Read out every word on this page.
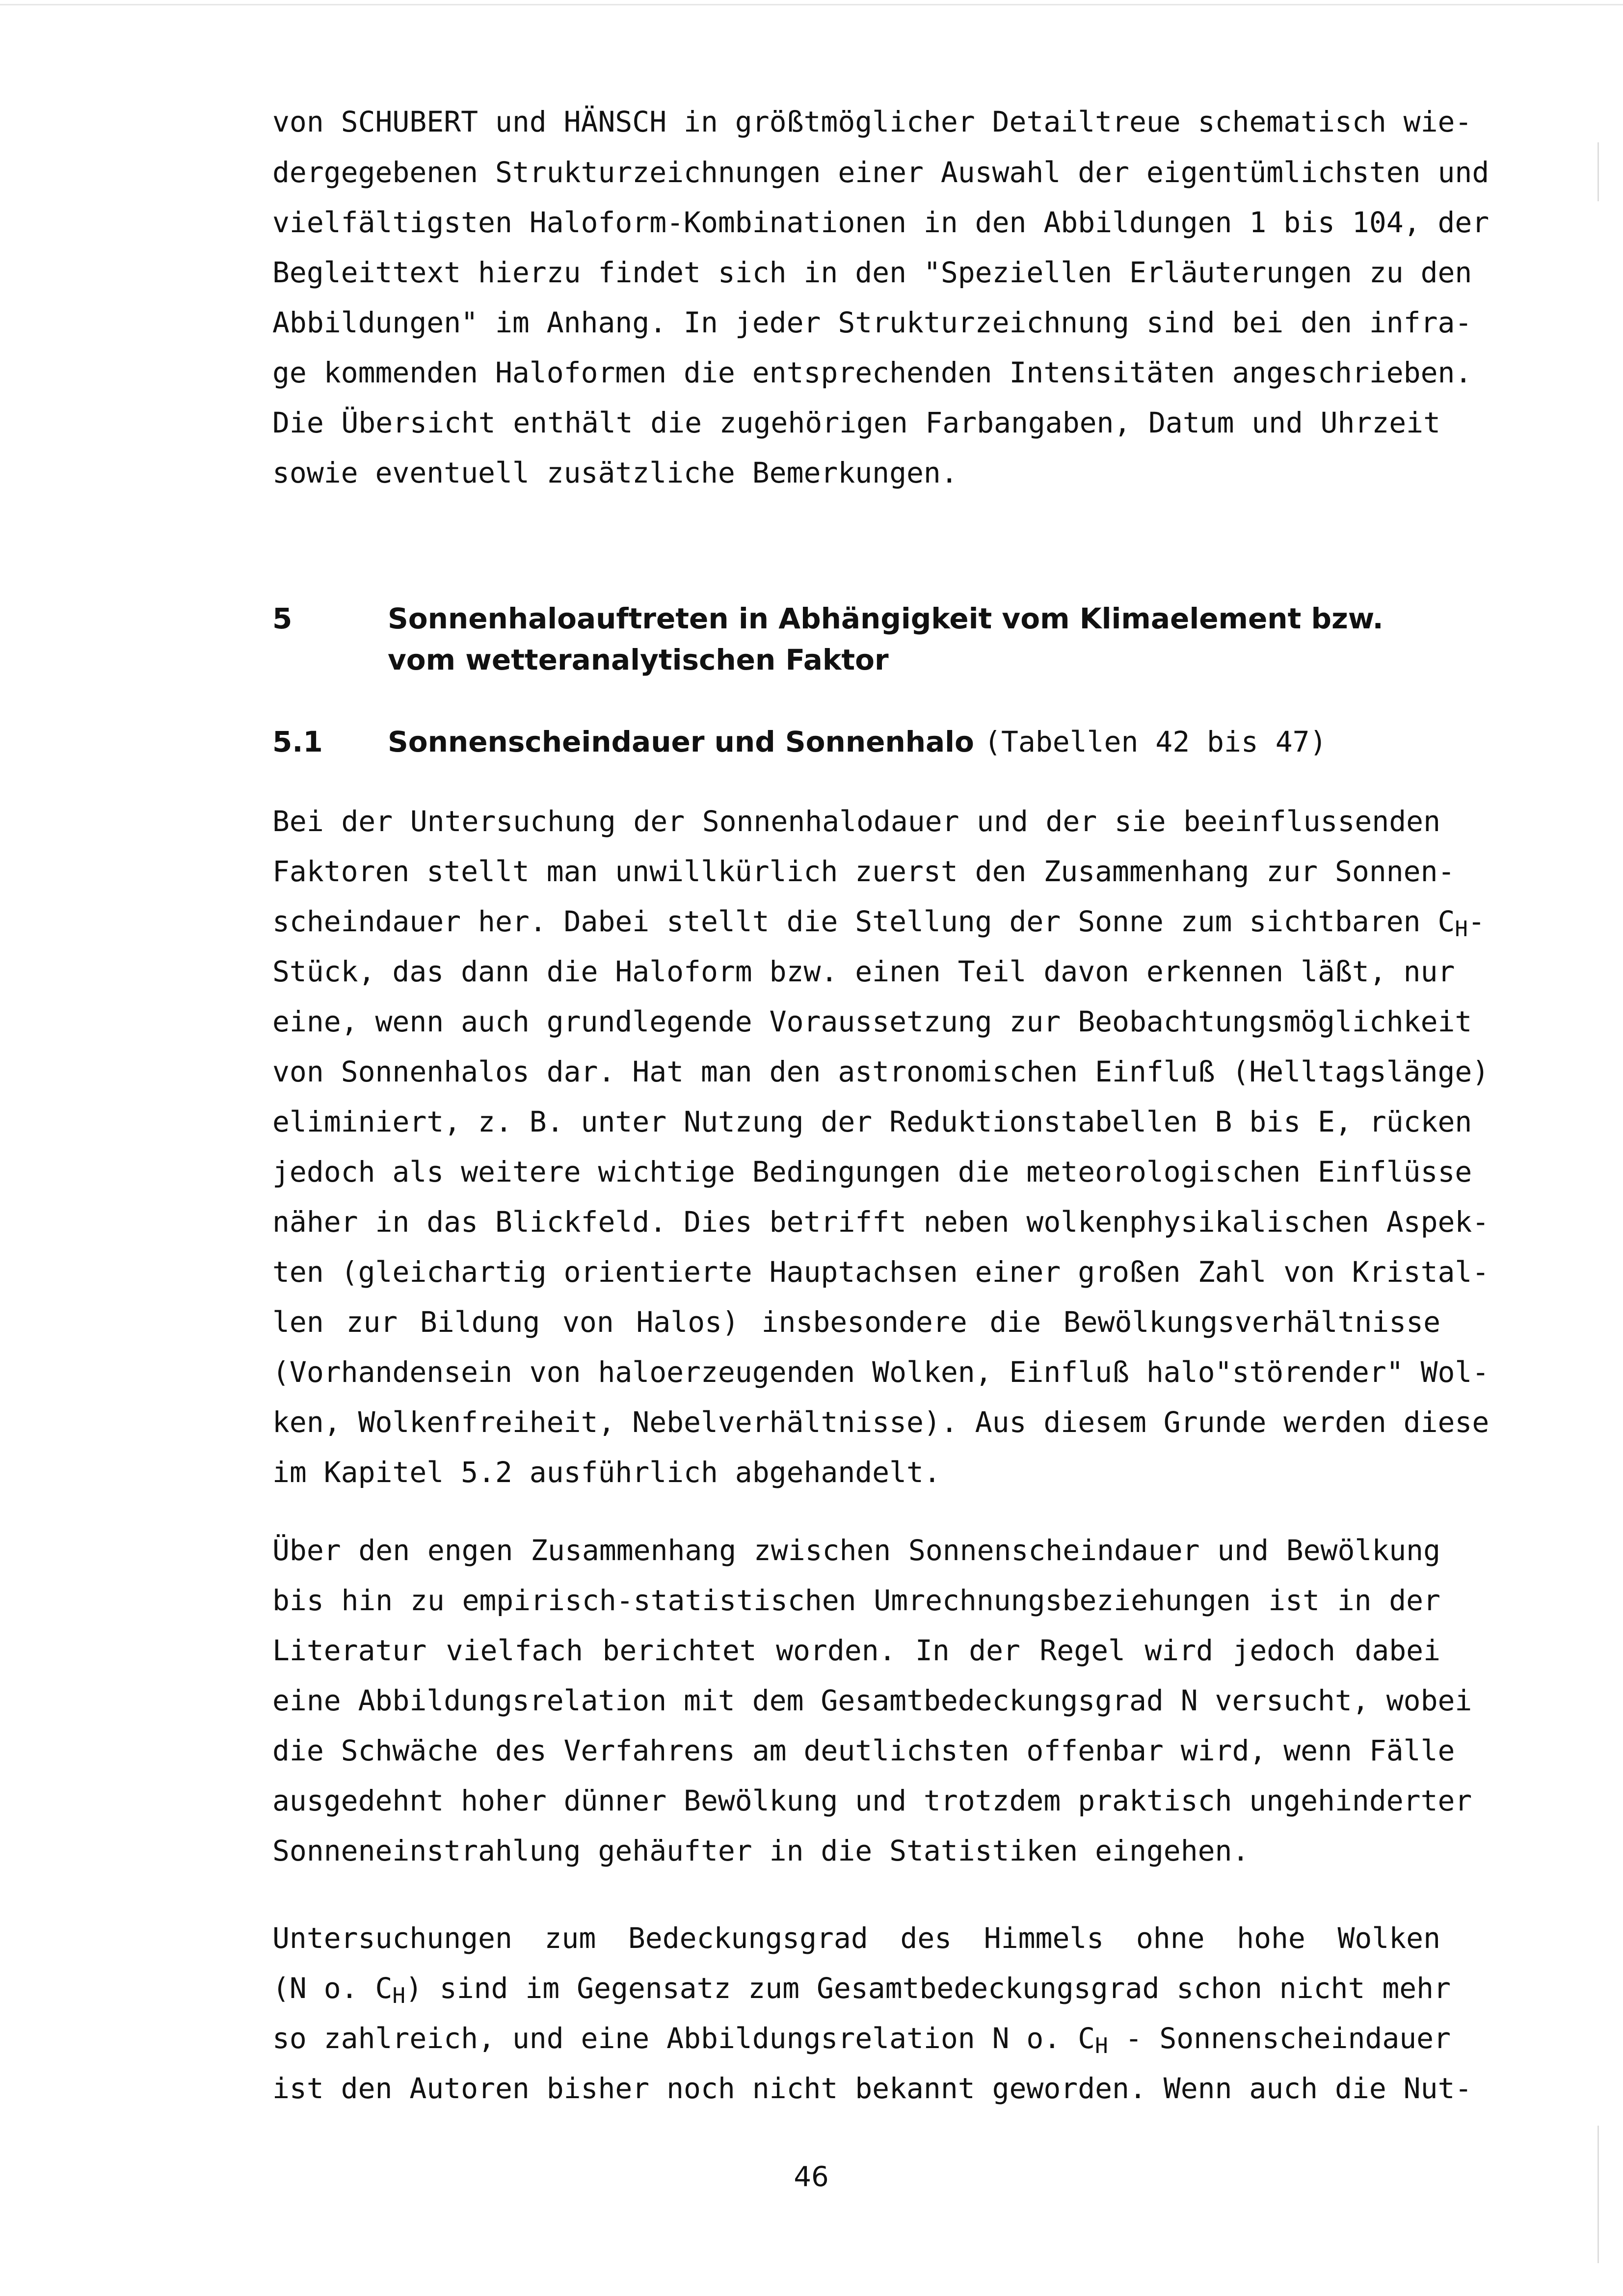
von SCHUBERT und HÄNSCH in größtmöglicher Detailtreue schematisch wie-
dergegebenen Strukturzeichnungen einer Auswahl der eigentümlichsten und
vielfältigsten Haloform-Kombinationen in den Abbildungen 1 bis 104, der
Begleittext hierzu findet sich in den "Speziellen Erläuterungen zu den
Abbildungen" im Anhang. In jeder Strukturzeichnung sind bei den infra-
ge kommenden Haloformen die entsprechenden Intensitäten angeschrieben.
Die Übersicht enthält die zugehörigen Farbangaben, Datum und Uhrzeit
sowie eventuell zusätzliche Bemerkungen.
5	Sonnenhaloauftreten in Abhängigkeit vom Klimaelement bzw.
vom wetteranalytischen Faktor
5.1 Sonnenscheindauer und Sonnenhalo (Tabellen 42 bis 47)
Bei der Untersuchung der Sonnenhalodauer und der sie beeinflussenden
Faktoren stellt man unwillkürlich zuerst den Zusammenhang zur Sonnen-
scheindauer her. Dabei stellt die Stellung der Sonne zum sichtbaren $C_H-$
Stück, das dann die Haloform bzw. einen Teil davon erkennen läßt, nur
eine, wenn auch grundlegende Voraussetzung zur Beobachtungsmöglichkeit
von Sonnenhalos dar. Hat man den astronomischen Einfluß (Helltagslänge)
eliminiert, z. B. unter Nutzung der Reduktionstabellen B bis E, rücken
jedoch als weitere wichtige Bedingungen die meteorologischen Einflüsse
näher in das Blickfeld. Dies betrifft neben wolkenphysikalischen Aspek-
ten (gleichartig orientierte Hauptachsen einer großen Zahl von Kristal-
len zur Bildung von Halos) insbesondere die Bewölkungsverhältnisse
(Vorhandensein von haloerzeugenden Wolken, Einfluß halo"störender" Wol-
ken, Wolkenfreiheit, Nebelverhältnisse). Aus diesem Grunde werden diese
im Kapitel 5.2 ausführlich abgehandelt.
Über den engen Zusammenhang zwischen Sonnenscheindauer und Bewölkung
bis hin zu empirisch-statistischen Umrechnungsbeziehungen ist in der
Literatur vielfach berichtet worden. In der Regel wird jedoch dabei
eine Abbildungsrelation mit dem Gesamtbedeckungsgrad N versucht, wobei
die Schwäche des Verfahrens am deutlichsten offenbar wird, wenn Fälle
ausgedehnt hoher dünner Bewölkung und trotzdem praktisch ungehinderter
Sonneneinstrahlung gehäufter in die Statistiken eingehen.
Untersuchungen zum Bedeckungsgrad des Himmels ohne hohe Wolken
(N o. $C_H$) sind im Gegensatz zum Gesamtbedeckungsgrad schon nicht mehr
so zahlreich, und eine Abbildungsrelation N o. $C_H$ - Sonnenscheindauer
ist den Autoren bisher noch nicht bekannt geworden. Wenn auch die Nut-
46
